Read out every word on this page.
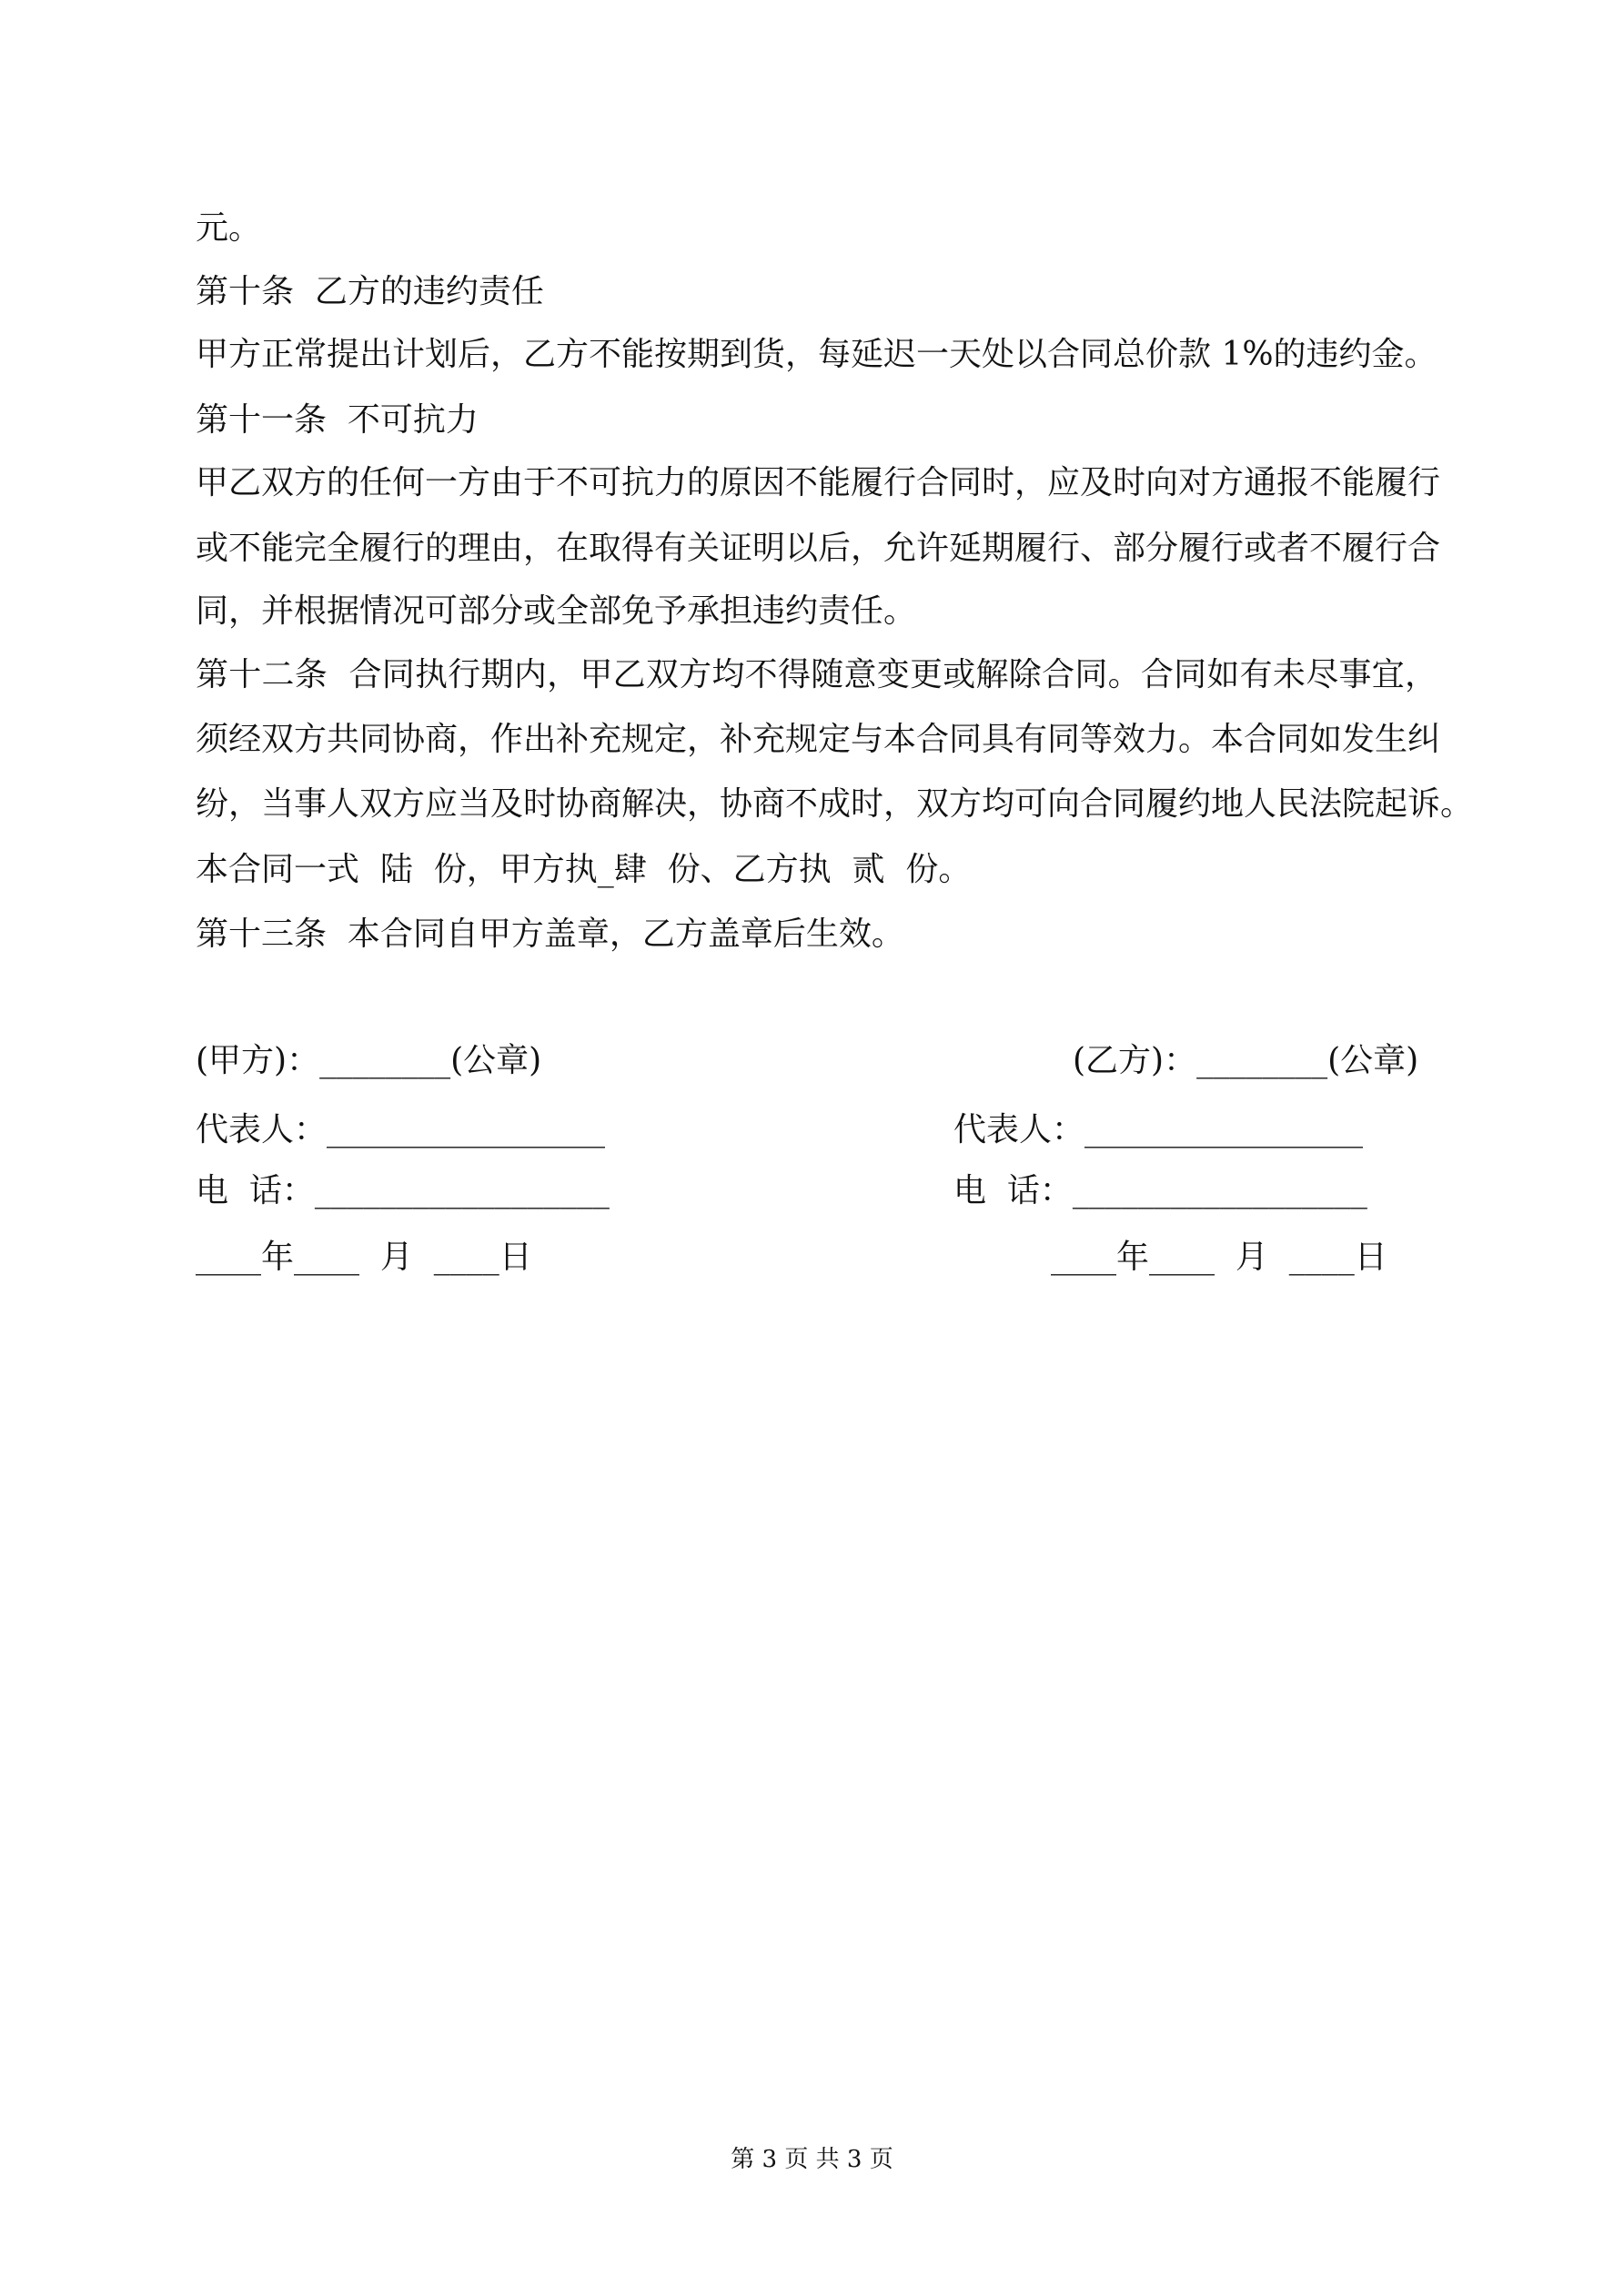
元。
第十条  乙方的违约责任
甲方正常提出计划后，乙方不能按期到货，每延迟一天处以合同总价款 1%的违约金。
第十一条  不可抗力
甲乙双方的任何一方由于不可抗力的原因不能履行合同时，应及时向对方通报不能履行
或不能完全履行的理由，在取得有关证明以后，允许延期履行、部分履行或者不履行合
同，并根据情况可部分或全部免予承担违约责任。
第十二条  合同执行期内，甲乙双方均不得随意变更或解除合同。合同如有未尽事宜，
须经双方共同协商，作出补充规定，补充规定与本合同具有同等效力。本合同如发生纠
纷，当事人双方应当及时协商解决，协商不成时，双方均可向合同履约地人民法院起诉。
本合同一式  陆  份，甲方执_肆  份、乙方执  贰  份。
第十三条  本合同自甲方盖章，乙方盖章后生效。
(甲方)：________(公章)
代表人：_________________
电  话：__________________
____年____  月  ____日
(乙方)：________(公章)
代表人：_________________
电  话：__________________
____年____  月  ____日
第 3 页 共 3 页
